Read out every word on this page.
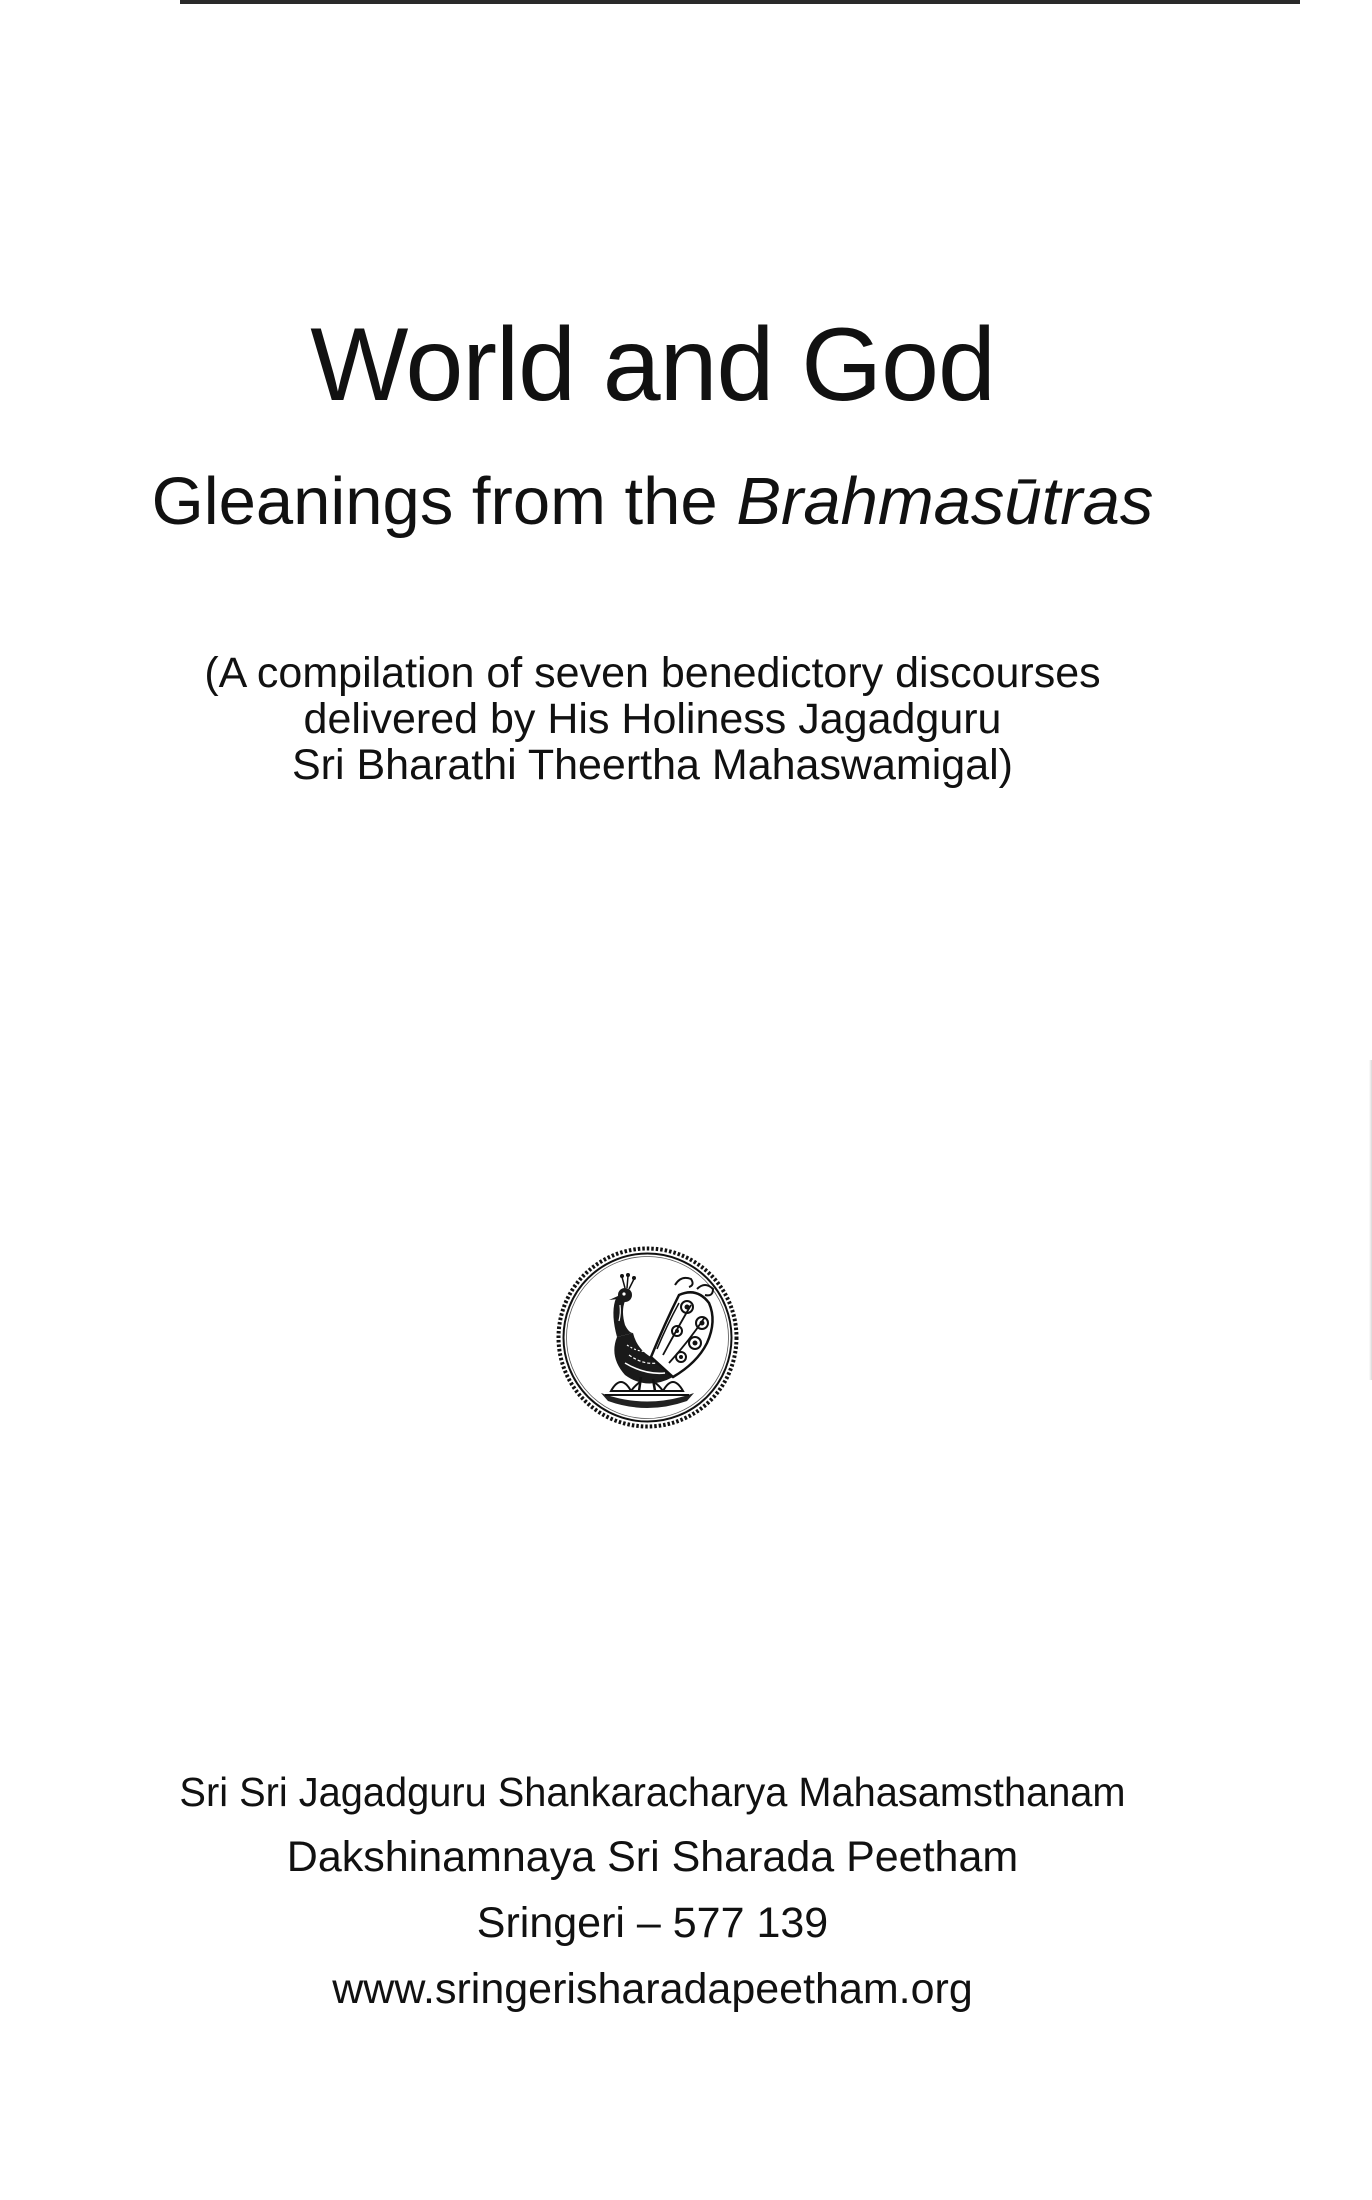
World and God
Gleanings from the Brahmasūtras
(A compilation of seven benedictory discourses
delivered by His Holiness Jagadguru
Sri Bharathi Theertha Mahaswamigal)
Sri Sri Jagadguru Shankaracharya Mahasamsthanam
Dakshinamnaya Sri Sharada Peetham
Sringeri – 577 139
www.sringerisharadapeetham.org
